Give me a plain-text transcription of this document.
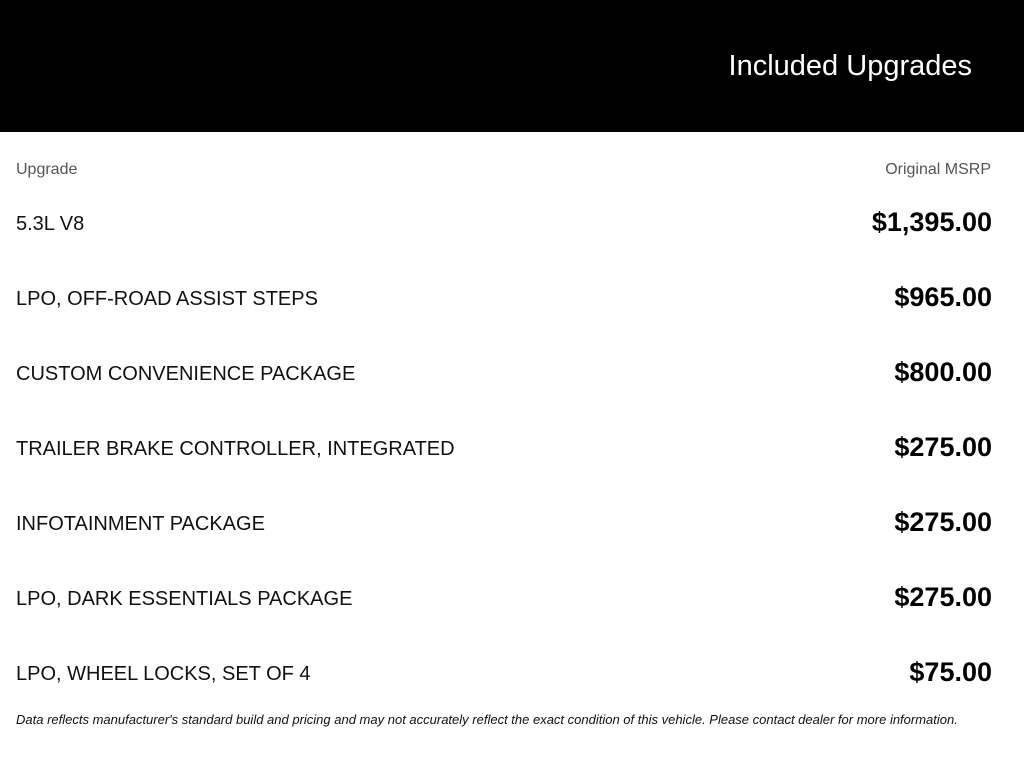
Included Upgrades
Upgrade	Original MSRP
5.3L V8	$1,395.00
LPO, OFF-ROAD ASSIST STEPS	$965.00
CUSTOM CONVENIENCE PACKAGE	$800.00
TRAILER BRAKE CONTROLLER, INTEGRATED	$275.00
INFOTAINMENT PACKAGE	$275.00
LPO, DARK ESSENTIALS PACKAGE	$275.00
LPO, WHEEL LOCKS, SET OF 4	$75.00
Data reflects manufacturer's standard build and pricing and may not accurately reflect the exact condition of this vehicle. Please contact dealer for more information.
